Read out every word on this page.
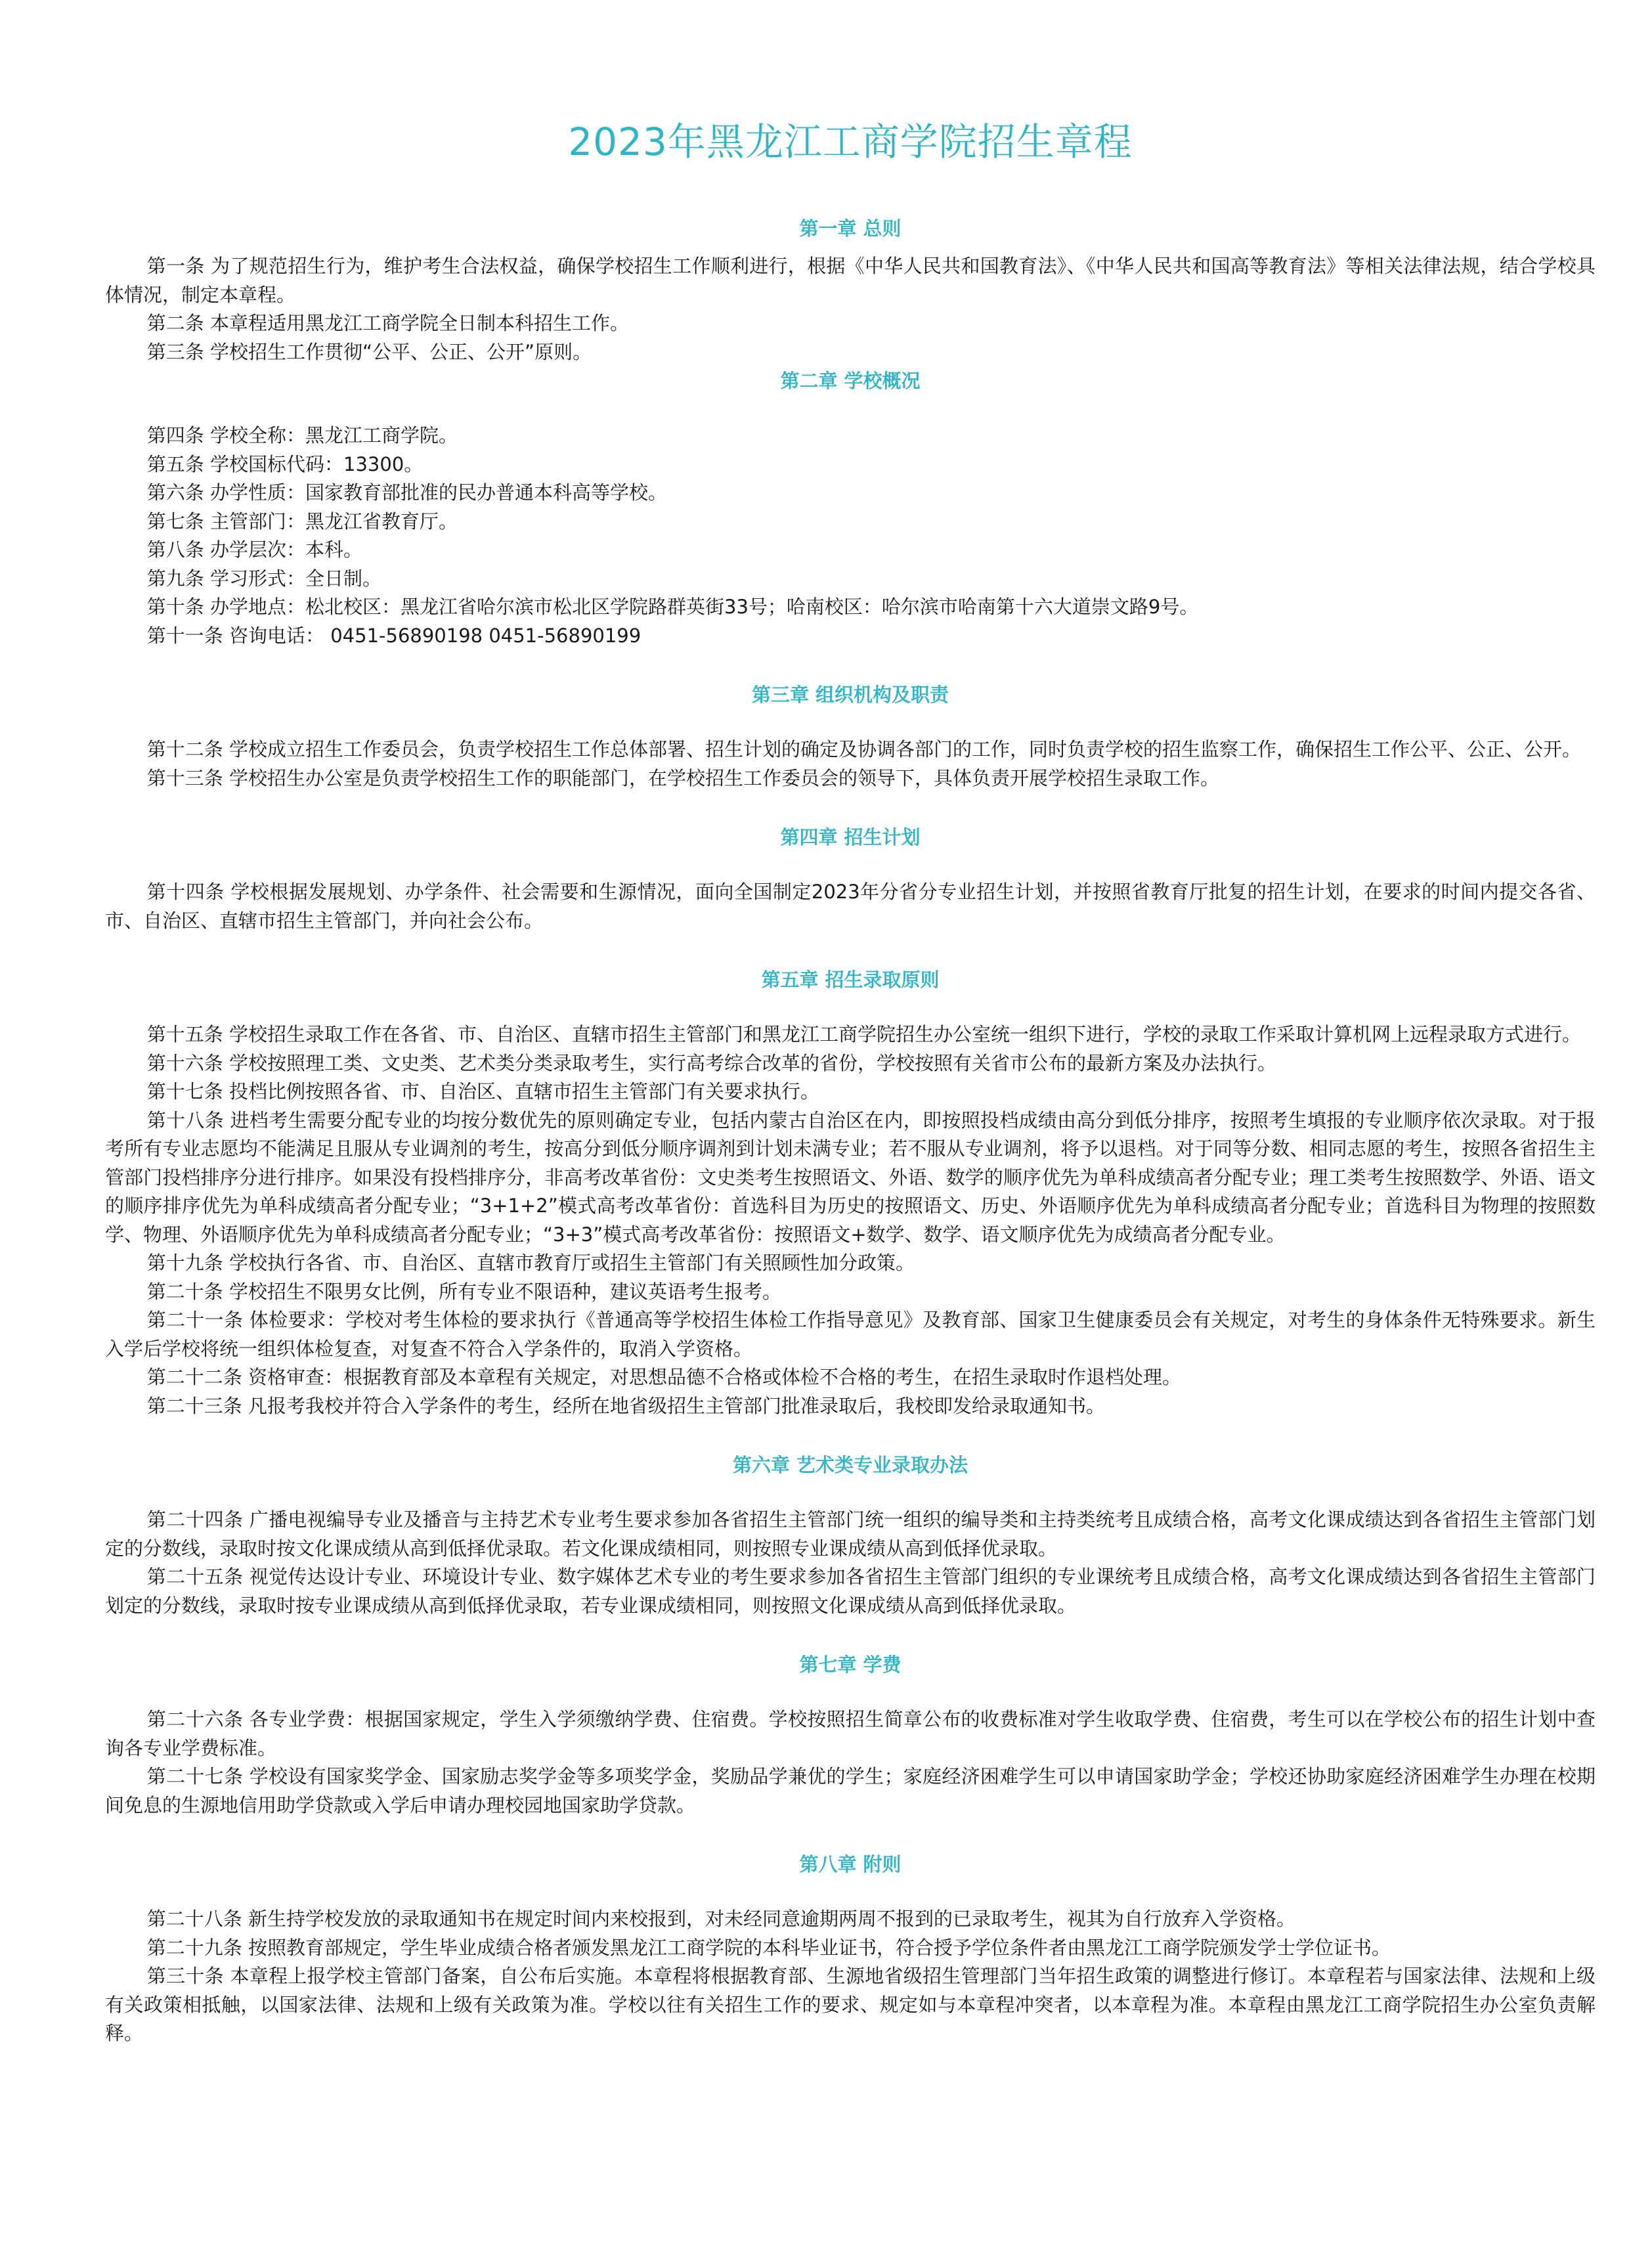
2023年黑龙江工商学院招生章程
第一章 总则

第一条 为了规范招生行为，维护考生合法权益，确保学校招生工作顺利进行，根据《中华人民共和国教育法》、《中华人民共和国高等教育法》等相关法律法规，结合学校具体情况，制定本章程。

第二条 本章程适用黑龙江工商学院全日制本科招生工作。

第三条 学校招生工作贯彻“公平、公正、公开”原则。

第二章 学校概况

第四条 学校全称：黑龙江工商学院。

第五条 学校国标代码：13300。

第六条 办学性质：国家教育部批准的民办普通本科高等学校。

第七条 主管部门：黑龙江省教育厅。

第八条 办学层次：本科。

第九条 学习形式：全日制。

第十条 办学地点：松北校区：黑龙江省哈尔滨市松北区学院路群英街33号；哈南校区：哈尔滨市哈南第十六大道崇文路9号。

第十一条 咨询电话： 0451-56890198 0451-56890199

第三章 组织机构及职责

第十二条 学校成立招生工作委员会，负责学校招生工作总体部署、招生计划的确定及协调各部门的工作，同时负责学校的招生监察工作，确保招生工作公平、公正、公开。

第十三条 学校招生办公室是负责学校招生工作的职能部门，在学校招生工作委员会的领导下，具体负责开展学校招生录取工作。

第四章 招生计划

第十四条 学校根据发展规划、办学条件、社会需要和生源情况，面向全国制定2023年分省分专业招生计划，并按照省教育厅批复的招生计划，在要求的时间内提交各省、市、自治区、直辖市招生主管部门，并向社会公布。

第五章 招生录取原则

第十五条 学校招生录取工作在各省、市、自治区、直辖市招生主管部门和黑龙江工商学院招生办公室统一组织下进行，学校的录取工作采取计算机网上远程录取方式进行。

第十六条 学校按照理工类、文史类、艺术类分类录取考生，实行高考综合改革的省份，学校按照有关省市公布的最新方案及办法执行。

第十七条 投档比例按照各省、市、自治区、直辖市招生主管部门有关要求执行。

第十八条 进档考生需要分配专业的均按分数优先的原则确定专业，包括内蒙古自治区在内，即按照投档成绩由高分到低分排序，按照考生填报的专业顺序依次录取。对于报考所有专业志愿均不能满足且服从专业调剂的考生，按高分到低分顺序调剂到计划未满专业；若不服从专业调剂，将予以退档。对于同等分数、相同志愿的考生，按照各省招生主管部门投档排序分进行排序。如果没有投档排序分，非高考改革省份：文史类考生按照语文、外语、数学的顺序优先为单科成绩高者分配专业；理工类考生按照数学、外语、语文的顺序排序优先为单科成绩高者分配专业；“3+1+2”模式高考改革省份：首选科目为历史的按照语文、历史、外语顺序优先为单科成绩高者分配专业；首选科目为物理的按照数学、物理、外语顺序优先为单科成绩高者分配专业；“3+3”模式高考改革省份：按照语文+数学、数学、语文顺序优先为成绩高者分配专业。

第十九条 学校执行各省、市、自治区、直辖市教育厅或招生主管部门有关照顾性加分政策。

第二十条 学校招生不限男女比例，所有专业不限语种，建议英语考生报考。

第二十一条 体检要求：学校对考生体检的要求执行《普通高等学校招生体检工作指导意见》及教育部、国家卫生健康委员会有关规定，对考生的身体条件无特殊要求。新生入学后学校将统一组织体检复查，对复查不符合入学条件的，取消入学资格。

第二十二条 资格审查：根据教育部及本章程有关规定，对思想品德不合格或体检不合格的考生，在招生录取时作退档处理。

第二十三条 凡报考我校并符合入学条件的考生，经所在地省级招生主管部门批准录取后，我校即发给录取通知书。

第六章 艺术类专业录取办法

第二十四条 广播电视编导专业及播音与主持艺术专业考生要求参加各省招生主管部门统一组织的编导类和主持类统考且成绩合格，高考文化课成绩达到各省招生主管部门划定的分数线，录取时按文化课成绩从高到低择优录取。若文化课成绩相同，则按照专业课成绩从高到低择优录取。

第二十五条 视觉传达设计专业、环境设计专业、数字媒体艺术专业的考生要求参加各省招生主管部门组织的专业课统考且成绩合格，高考文化课成绩达到各省招生主管部门划定的分数线，录取时按专业课成绩从高到低择优录取，若专业课成绩相同，则按照文化课成绩从高到低择优录取。

第七章 学费

第二十六条 各专业学费：根据国家规定，学生入学须缴纳学费、住宿费。学校按照招生简章公布的收费标准对学生收取学费、住宿费，考生可以在学校公布的招生计划中查询各专业学费标准。

第二十七条 学校设有国家奖学金、国家励志奖学金等多项奖学金，奖励品学兼优的学生；家庭经济困难学生可以申请国家助学金；学校还协助家庭经济困难学生办理在校期间免息的生源地信用助学贷款或入学后申请办理校园地国家助学贷款。

第八章 附则

第二十八条 新生持学校发放的录取通知书在规定时间内来校报到，对未经同意逾期两周不报到的已录取考生，视其为自行放弃入学资格。

第二十九条 按照教育部规定，学生毕业成绩合格者颁发黑龙江工商学院的本科毕业证书，符合授予学位条件者由黑龙江工商学院颁发学士学位证书。

第三十条 本章程上报学校主管部门备案，自公布后实施。本章程将根据教育部、生源地省级招生管理部门当年招生政策的调整进行修订。本章程若与国家法律、法规和上级有关政策相抵触，以国家法律、法规和上级有关政策为准。学校以往有关招生工作的要求、规定如与本章程冲突者，以本章程为准。本章程由黑龙江工商学院招生办公室负责解释。
